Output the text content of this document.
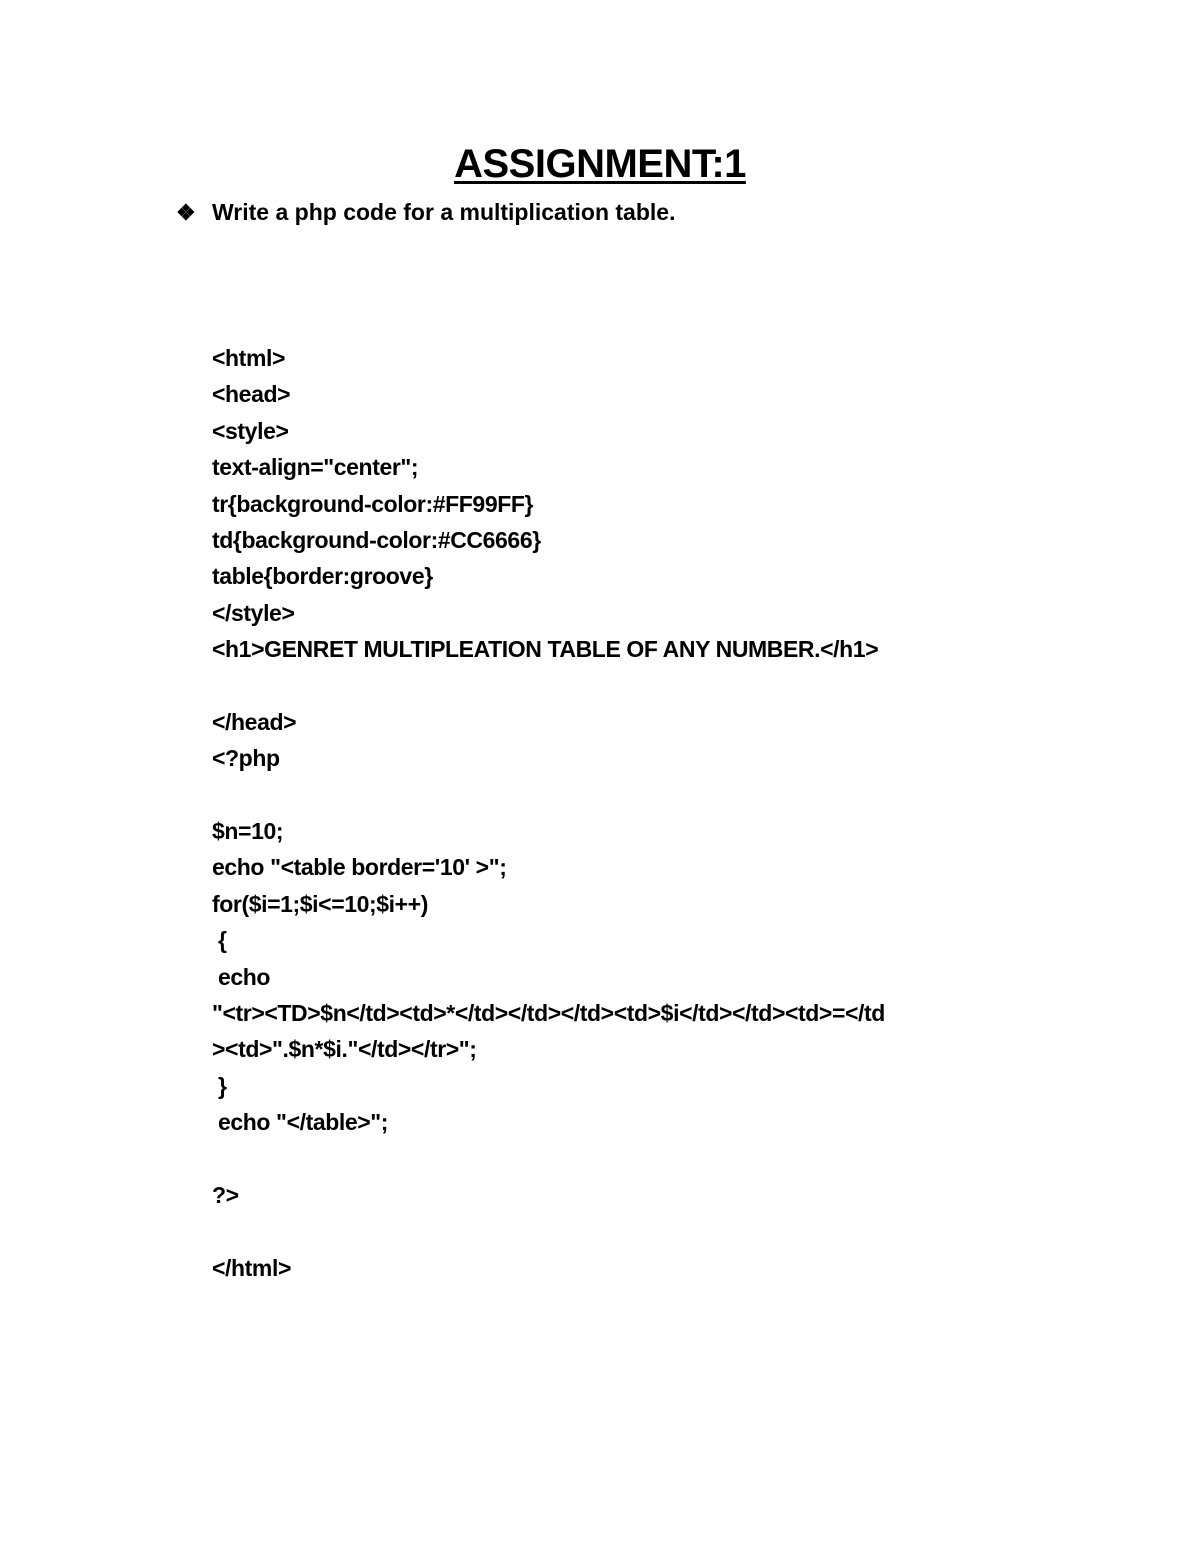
ASSIGNMENT:1
❖ Write a php code for a multiplication table.
<html>
<head>
<style>
text-align="center";
tr{background-color:#FF99FF}
td{background-color:#CC6666}
table{border:groove}
</style>
<h1>GENRET MULTIPLEATION TABLE OF ANY NUMBER.</h1>
</head>
<?php
$n=10;
echo "<table border='10' >";
for($i=1;$i<=10;$i++)
{
echo
"<tr><TD>$n</td><td>*</td></td></td><td>$i</td></td><td>=</td
><td>".$n*$i."</td></tr>";
}
echo "</table>";
?>
</html>
